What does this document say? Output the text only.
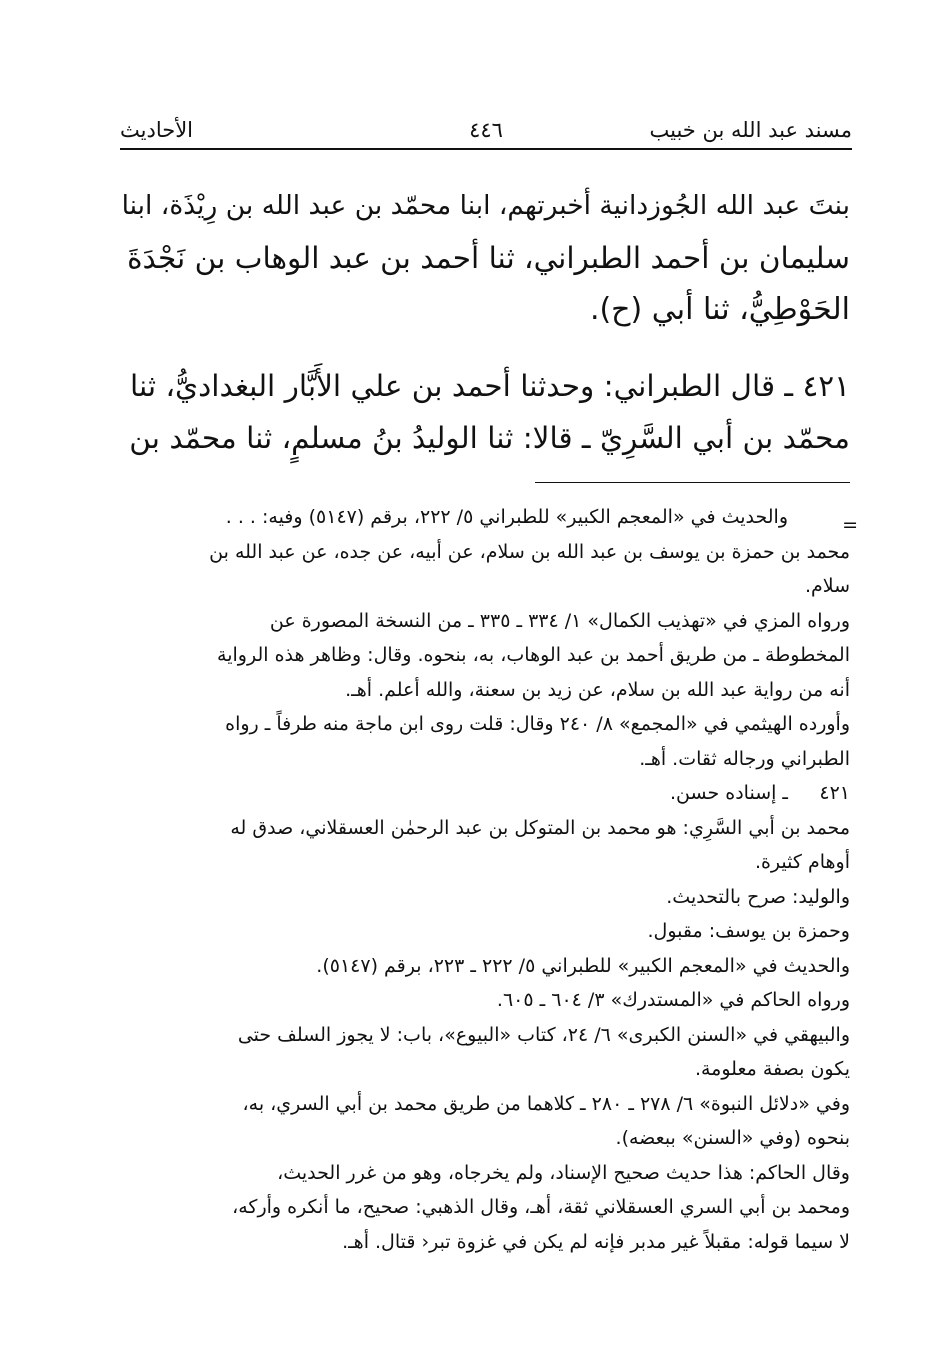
مسند عبد الله بن خبيب
٤٤٦
الأحاديث

بنتَ عبد الله الجُوزدانية أخبرتهم، ابنا محمّد بن عبد الله بن رِيْذَة، ابنا

سليمان بن أحمد الطبراني، ثنا أحمد بن عبد الوهاب بن نَجْدَةَ

الحَوْطِيُّ، ثنا أبي (ح).

٤٢١ ـ قال الطبراني: وحدثنا أحمد بن علي الأَبَّار البغداديُّ، ثنا

محمّد بن أبي السَّرِيّ ـ قالا: ثنا الوليدُ بنُ مسلمٍ، ثنا محمّد بن

=

والحديث في «المعجم الكبير» للطبراني ٥/ ٢٢٢، برقم (٥١٤٧) وفيه: . . .

محمد بن حمزة بن يوسف بن عبد الله بن سلام، عن أبيه، عن جده، عن عبد الله بن

سلام.

ورواه المزي في «تهذيب الكمال» ١/ ٣٣٤ ـ ٣٣٥ ـ من النسخة المصورة عن

المخطوطة ـ من طريق أحمد بن عبد الوهاب، به، بنحوه. وقال: وظاهر هذه الرواية

أنه من رواية عبد الله بن سلام، عن زيد بن سعنة، والله أعلم. أهـ.

وأورده الهيثمي في «المجمع» ٨/ ٢٤٠ وقال: قلت روى ابن ماجة منه طرفاً ـ رواه

الطبراني ورجاله ثقات. أهـ.

٤٢١
ـ إسناده حسن.

محمد بن أبي السَّرِي: هو محمد بن المتوكل بن عبد الرحمٰن العسقلاني، صدق له

أوهام كثيرة.

والوليد: صرح بالتحديث.

وحمزة بن يوسف: مقبول.

والحديث في «المعجم الكبير» للطبراني ٥/ ٢٢٢ ـ ٢٢٣، برقم (٥١٤٧).

ورواه الحاكم في «المستدرك» ٣/ ٦٠٤ ـ ٦٠٥.

والبيهقي في «السنن الكبرى» ٦/ ٢٤، كتاب «البيوع»، باب: لا يجوز السلف حتى

يكون بصفة معلومة.

وفي «دلائل النبوة» ٦/ ٢٧٨ ـ ٢٨٠ ـ كلاهما من طريق محمد بن أبي السري، به،

بنحوه (وفي «السنن» ببعضه).

وقال الحاكم: هذا حديث صحيح الإسناد، ولم يخرجاه، وهو من غرر الحديث،

ومحمد بن أبي السري العسقلاني ثقة، أهـ، وقال الذهبي: صحيح، ما أنكره وأركه،

لا سيما قوله: مقبلاً غير مدبر فإنه لم يكن في غزوة تبر‹ قتال. أهـ.
